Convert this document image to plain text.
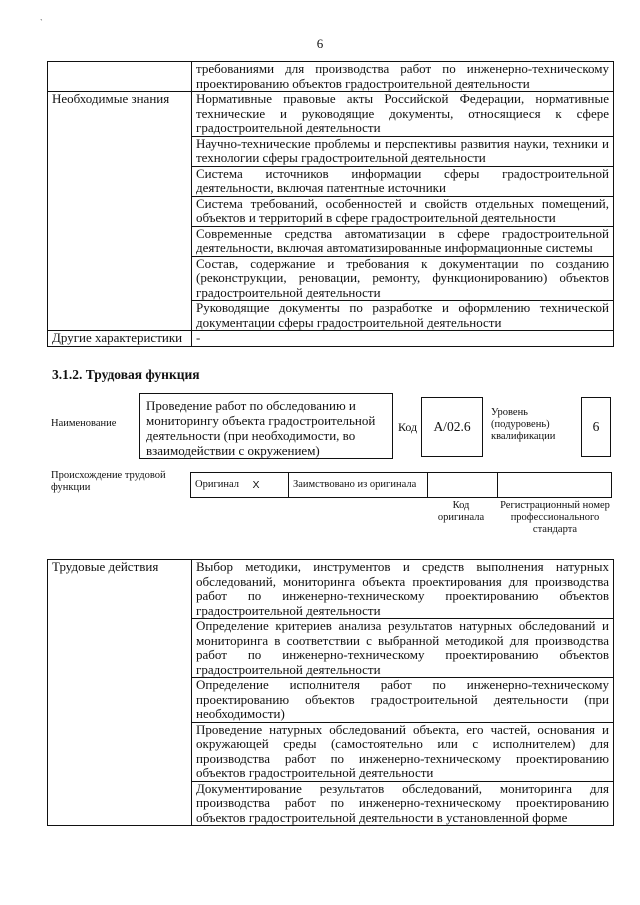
`
6
	требованиями для производства работ по инженерно-техническому проектированию объектов градостроительной деятельности
Необходимые знания	Нормативные правовые акты Российской Федерации, нормативные технические и руководящие документы, относящиеся к сфере градостроительной деятельности
	Научно-технические проблемы и перспективы развития науки, техники и технологии сферы градостроительной деятельности
	Система источников информации сферы градостроительной деятельности, включая патентные источники
	Система требований, особенностей и свойств отдельных помещений, объектов и территорий в сфере градостроительной деятельности
	Современные средства автоматизации в сфере градостроительной деятельности, включая автоматизированные информационные системы
	Состав, содержание и требования к документации по созданию (реконструкции, реновации, ремонту, функционированию) объектов градостроительной деятельности
	Руководящие документы по разработке и оформлению технической документации сферы градостроительной деятельности
Другие характеристики	-
3.1.2. Трудовая функция
Наименование
Проведение работ по обследованию и мониторингу объекта градостроительной деятельности (при необходимости, во взаимодействии с окружением)
Код	A/02.6
Уровень (подуровень) квалификации
6
Происхождение трудовой функции	Оригинал	X	Заимствовано из оригинала		
Код оригинала
Регистрационный номер профессионального стандарта
Трудовые действия	Выбор методики, инструментов и средств выполнения натурных обследований, мониторинга объекта проектирования для производства работ по инженерно-техническому проектированию объектов градостроительной деятельности
Определение критериев анализа результатов натурных обследований и мониторинга в соответствии с выбранной методикой для производства работ по инженерно-техническому проектированию объектов градостроительной деятельности
Определение исполнителя работ по инженерно-техническому проектированию объектов градостроительной деятельности (при необходимости)
Проведение натурных обследований объекта, его частей, основания и окружающей среды (самостоятельно или с исполнителем) для производства работ по инженерно-техническому проектированию объектов градостроительной деятельности
Документирование результатов обследований, мониторинга для производства работ по инженерно-техническому проектированию объектов градостроительной деятельности в установленной форме
